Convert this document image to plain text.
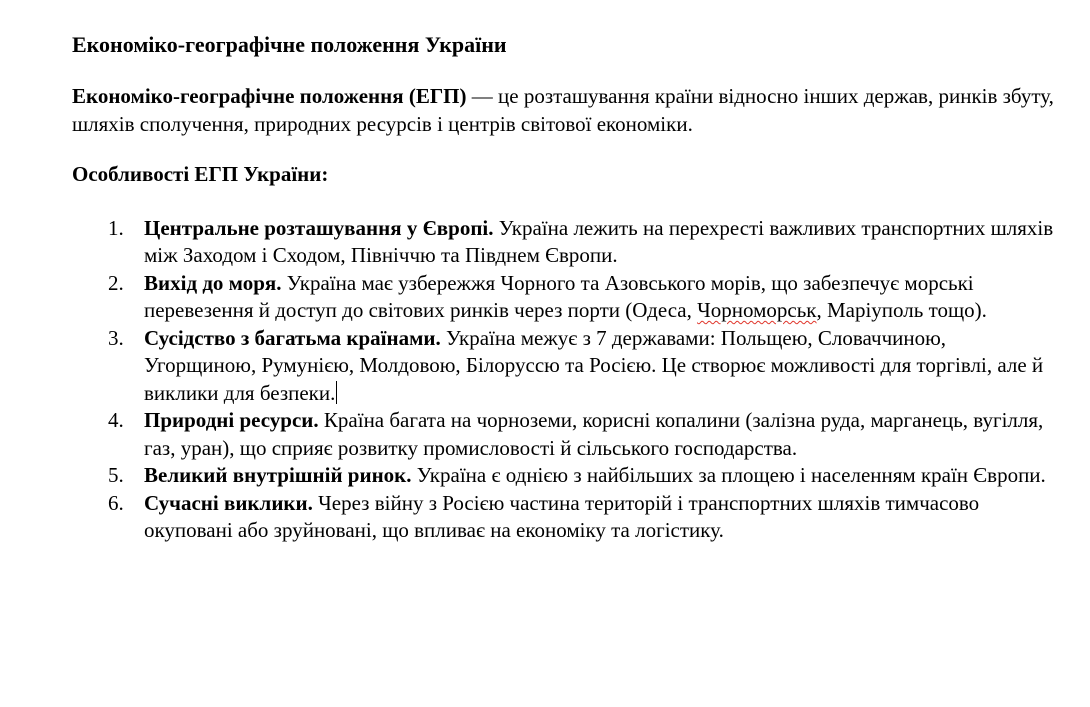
Економіко-географічне положення України

Економіко-географічне положення (ЕГП) — це розташування країни відносно інших держав, ринків збуту, шляхів сполучення, природних ресурсів і центрів світової економіки.

Особливості ЕГП України:

1. Центральне розташування у Європі. Україна лежить на перехресті важливих транспортних шляхів між Заходом і Сходом, Північчю та Півднем Європи.
2. Вихід до моря. Україна має узбережжя Чорного та Азовського морів, що забезпечує морські перевезення й доступ до світових ринків через порти (Одеса, Чорноморськ, Маріуполь тощо).
3. Сусідство з багатьма країнами. Україна межує з 7 державами: Польщею, Словаччиною, Угорщиною, Румунією, Молдовою, Білоруссю та Росією. Це створює можливості для торгівлі, але й виклики для безпеки.
4. Природні ресурси. Країна багата на чорноземи, корисні копалини (залізна руда, марганець, вугілля, газ, уран), що сприяє розвитку промисловості й сільського господарства.
5. Великий внутрішній ринок. Україна є однією з найбільших за площею і населенням країн Європи.
6. Сучасні виклики. Через війну з Росією частина територій і транспортних шляхів тимчасово окуповані або зруйновані, що впливає на економіку та логістику.
